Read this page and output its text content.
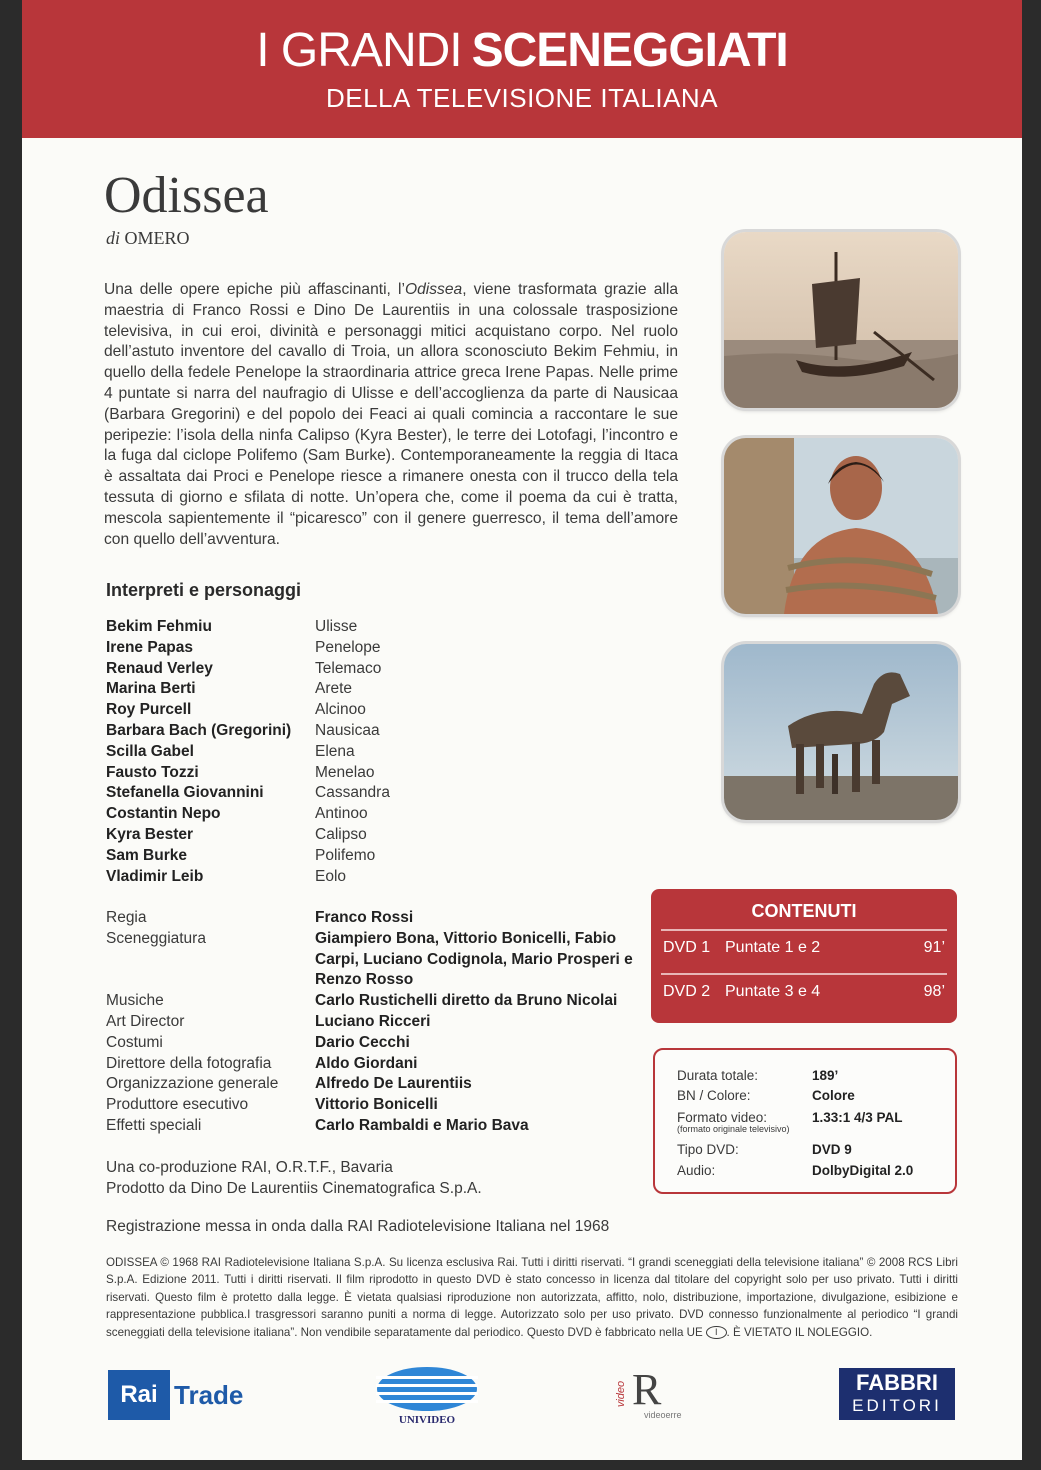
I GRANDI SCENEGGIATI
DELLA TELEVISIONE ITALIANA
Odissea
di OMERO
Una delle opere epiche più affascinanti, l’Odissea, viene trasformata grazie alla maestria di Franco Rossi e Dino De Laurentiis in una colossale trasposizione televisiva, in cui eroi, divinità e personaggi mitici acquistano corpo. Nel ruolo dell’astuto inventore del cavallo di Troia, un allora sconosciuto Bekim Fehmiu, in quello della fedele Penelope la straordinaria attrice greca Irene Papas. Nelle prime 4 puntate si narra del naufragio di Ulisse e dell’accoglienza da parte di Nausicaa (Barbara Gregorini) e del popolo dei Feaci ai quali comincia a raccontare le sue peripezie: l’isola della ninfa Calipso (Kyra Bester), le terre dei Lotofagi, l’incontro e la fuga dal ciclope Polifemo (Sam Burke). Contemporaneamente la reggia di Itaca è assaltata dai Proci e Penelope riesce a rimanere onesta con il trucco della tela tessuta di giorno e sfilata di notte. Un’opera che, come il poema da cui è tratta, mescola sapientemente il “picaresco” con il genere guerresco, il tema dell’amore con quello dell’avventura.
Interpreti e personaggi
Bekim Fehmiu	Ulisse
Irene Papas	Penelope
Renaud Verley	Telemaco
Marina Berti	Arete
Roy Purcell	Alcinoo
Barbara Bach (Gregorini)	Nausicaa
Scilla Gabel	Elena
Fausto Tozzi	Menelao
Stefanella Giovannini	Cassandra
Costantin Nepo	Antinoo
Kyra Bester	Calipso
Sam Burke	Polifemo
Vladimir Leib	Eolo
Regia	Franco Rossi
Sceneggiatura	Giampiero Bona, Vittorio Bonicelli, Fabio Carpi, Luciano Codignola, Mario Prosperi e Renzo Rosso
Musiche	Carlo Rustichelli diretto da Bruno Nicolai
Art Director	Luciano Ricceri
Costumi	Dario Cecchi
Direttore della fotografia	Aldo Giordani
Organizzazione generale	Alfredo De Laurentiis
Produttore esecutivo	Vittorio Bonicelli
Effetti speciali	Carlo Rambaldi e Mario Bava
Una co-produzione RAI, O.R.T.F., Bavaria
Prodotto da Dino De Laurentiis Cinematografica S.p.A.
Registrazione messa in onda dalla RAI Radiotelevisione Italiana nel 1968
ODISSEA © 1968 RAI Radiotelevisione Italiana S.p.A. Su licenza esclusiva Rai. Tutti i diritti riservati. “I grandi sceneggiati della televisione italiana” © 2008 RCS Libri S.p.A. Edizione 2011. Tutti i diritti riservati. Il film riprodotto in questo DVD è stato concesso in licenza dal titolare del copyright solo per uso privato. Tutti i diritti riservati. Questo film è protetto dalla legge. È vietata qualsiasi riproduzione non autorizzata, affitto, nolo, distribuzione, importazione, divulgazione, esibizione e rappresentazione pubblica.I trasgressori saranno puniti a norma di legge. Autorizzato solo per uso privato. DVD connesso funzionalmente al periodico “I grandi sceneggiati della televisione italiana”. Non vendibile separatamente dal periodico. Questo DVD è fabbricato nella UE I . È VIETATO IL NOLEGGIO.
CONTENUTI
DVD 1 Puntate 1 e 2	91’
DVD 2 Puntate 3 e 4	98’
Durata totale:	189’
BN / Colore:	Colore
Formato video:	1.33:1 4/3 PAL
(formato originale televisivo)
Tipo DVD:	DVD 9
Audio:	DolbyDigital 2.0
Rai Trade
UNIVIDEO
video R
videoerre
FABBRI
EDITORI
